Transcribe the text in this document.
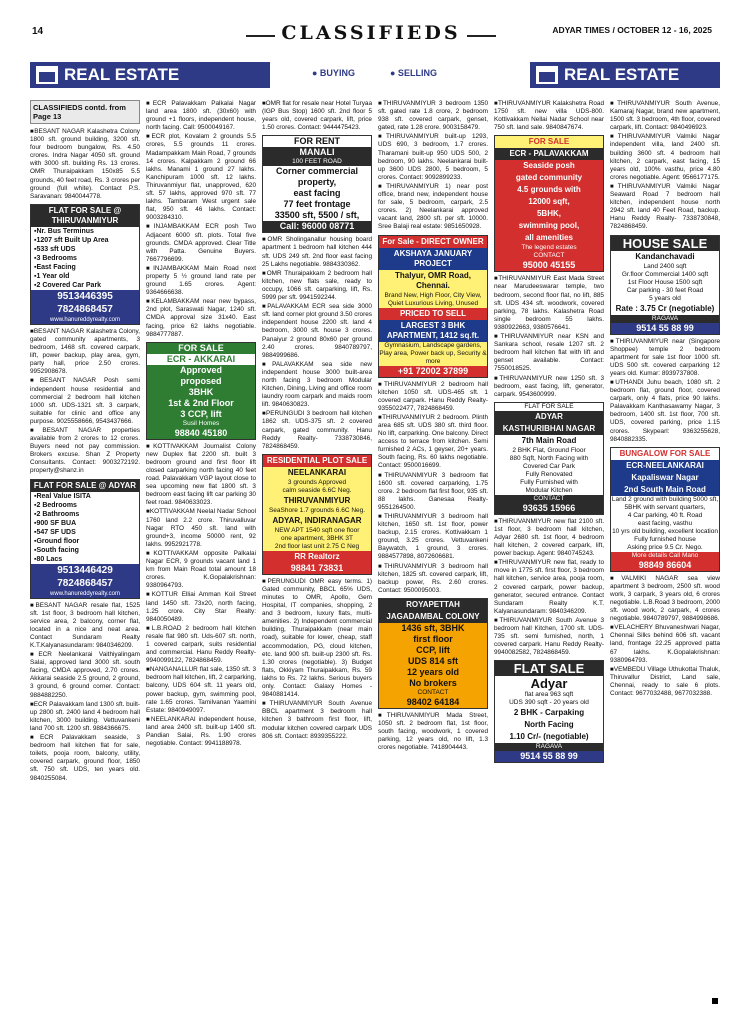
14	CLASSIFIEDS	ADYAR TIMES / OCTOBER 12 - 16, 2025
REAL ESTATE	● BUYING	● SELLING	REAL ESTATE
CLASSIFIEDS contd. from Page 13
■ BESANT NAGAR Kalashetra Colony 1800 sft. ground building, 3200 sft. four bedroom bungalow, Rs. 4.50 crores. Indra Nagar 4050 sft. ground with 3000 sft. building Rs. 13 crores. OMR Thuraipakkam 150x85 5.5 grounds, 40 feet road, Rs. 3 crores per ground (full white). Contact P.S. Saravanan: 9840044778.
FLAT FOR SALE @ THIRUVANMIYUR
▪Nr. Bus Terminus
▪1207 sft Built Up Area
▪533 sft UDS
▪3 Bedrooms
▪East Facing
▪1 Year old
▪2 Covered Car Park
9513446395 7824868457
www.hanureddyrealty.com
■ BESANT NAGAR Kalashetra Colony, gated community apartments, 3 bedroom, 1468 sft. covered carpark, lift, power backup, play area, gym, party hall, price 2.50 crores. 9952908678.
■ BESANT NAGAR Posh semi independent house residential and commercial 2 bedroom hall kitchen 1000 sft. UDS-1321 sft. 3 carpark, suitable for clinic and office any purpose. 9025558666, 9543437666.
■ BESANT NAGAR properties available from 2 crores to 12 crores. Buyers need not pay commission. Brokers excuse. Shan Z Property Consultants. Contact: 9003272192. property@shanz.in
FLAT FOR SALE @ ADYAR
▪Real Value ISITA
▪2 Bedrooms
▪2 Bathrooms
▪900 SF BUA
▪547 SF UDS
▪Ground floor
▪South facing
▪80 Lacs
9513446429 7824868457
www.hanureddyrealty.com
■ BESANT NAGAR resale flat, 1525 sft. 1st floor, 3 bedroom hall kitchen, service area, 2 balcony, corner flat, located in a nice and neat area. Contact Sundaram Realty K.T.Kalyanasundaram: 9840346209.
■ ECR Neelankarai Vaithiyalingam Salai, approved land 3000 sft. south facing, CMDA approved, 2.70 crores. Akkarai seaside 2.5 ground, 2 ground, 3 ground, 6 ground corner. Contact: 9884882250.
■ ECR Palavakkam land 1300 sft. built-up 2800 sft. 2400 land 4 bedroom hall kitchen, 3000 building. Vettuvankeni land 700 sft. 1200 sft. 9884366675.
■ ECR Palavakkam seaside, 3 bedroom hall kitchen flat for sale, toilets, pooja room, balcony, utility, covered carpark, ground floor, 1850 sft. 750 sft. UDS, ten years old. 9840255084.
■ ECR Palavakkam Palkalai Nagar land area 1800 sft. (30x60) with ground +1 floors, independent house, north facing. Call: 9500049167.
■ ECR plot, Kovalam 2 grounds 5.5 crores, 5.5 grounds 11 crores. Madampakkam Main Road, 7 grounds 14 crores. Kalpakkam 2 ground 66 lakhs. Manami 1 ground 27 lakhs. Kanchipuram 1000 sft. 12 lakhs. Thiruvanmiyur flat, unapproved, 620 sft. 57 lakhs, approved 970 sft. 77 lakhs. Tambaram West urgent sale flat, 950 sft. 46 lakhs. Contact: 9003284310.
■ INJAMBAKKAM ECR posh Two Adjacent 6000 sft. plots. Total five grounds. CMDA approved. Clear Title with Patta. Genuine Buyers. 7667796699.
■ INJAMBAKKAM Main Road next property 5 ½ ground land rate per ground 1.65 crores. Agent: 9364666638.
■ KELAMBAKKAM near new bypass, 2nd plot, Saraswati Nagar, 1240 sft. CMDA approval size 31x40. East facing, price 62 lakhs negotiable. 9884777887.
FOR SALE
ECR - AKKARAI
Approved
proposed
3BHK
1st & 2nd Floor
3 CCP, lift
Susil Homes
98840 45180
■ KOTTIVAKKAM Journalist Colony new Duplex flat 2200 sft. built 3 bedroom ground and first floor lift closed carparking north facing 40 feet road. Palavakkam VGP layout close to sea upcoming new flat 1800 sft. 3 bedroom east facing lift car parking 30 feet road. 9840633023.
■ KOTTIVAKKAM Neelal Nadar School 1760 land 2.2 crore. Thiruvalluvar Nagar RTO 450 sft. land with ground+3, income 50000 rent, 92 lakhs. 9952921778.
■ KOTTIVAKKAM opposite Palkalai Nagar ECR, 9 grounds vacant land 1 km from Main Road total amount 18 crores. K.Gopalakrishnan: 9380964793.
■ KOTTUR Elliai Amman Koil Street land 1450 sft. 73x20, north facing, 1.25 crore. City Star Realty: 9840050489.
■ L.B.ROAD 2 bedroom hall kitchen resale flat 980 sft. Uds-607 sft. north, 1 covered carpark, suits residential and commercial. Hanu Reddy Realty- 9940099122, 7824868459.
■ NANGANALLUR flat sale, 1350 sft. 3 bedroom hall kitchen, lift, 2 carparking, balcony, UDS 604 sft. 11 years old, power backup, gym, swimming pool, rate 1.65 crores. Tamilvanan Yaamini Estate: 9840949097.
■ NEELANKARAI independent house, land area 2400 sft. built-up 1400 sft. Pandian Salai, Rs. 1.90 crores negotiable. Contact: 9941188978.
■ OMR flat for resale near Hotel Turyaa (IGP Bus Stop) 1600 sft. 2nd floor 5 years old, covered carpark, lift, price 1.50 crores. Contact: 9444475423.
FOR RENT
MANALI
100 FEET ROAD
Corner commercial
property,
east facing
77 feet frontage
33500 sft, 5500 / sft,
Call: 96000 08771
■ OMR Sholinganallur housing board apartment 1 bedroom hall kitchen 444 sft. UDS 249 sft. 2nd floor east facing 25 Lakhs negotiable. 9884330362.
■ OMR Thuraipakkam 2 bedroom hall kitchen, new flats sale, ready to occupy, 1066 sft. carparking, lift, Rs. 5999 per sft. 9941592244.
■ PALAVAKKAM ECR sea side 3000 sft. land corner plot ground 3.50 crores independent house 2200 sft. land 4 bedroom, 3000 sft. house 3 crores. Panaiyur 2 ground 80x60 per ground 2.40 crores. 9840789797, 9884999686.
■ PALAVAKKAM sea side new independent house 3000 built-area north facing 3 bedroom Modular Kitchen, Dining, Living and office room laundry room carpark and maids room lift. 9840630823.
■ PERUNGUDI 3 bedroom hall kitchen 1862 sft. UDS-375 sft. 2 covered carpark, gated community. Hanu Reddy Realty- 7338730846, 7824868459.
RESIDENTIAL PLOT SALE
NEELANKARAI
3 grounds Approved
calm seaside 6.6C Neg.
THIRUVANMIYUR
SeaShore 1.7 grounds 6.6C Neg.
ADYAR, INDIRANAGAR
NEW APT 1540 sqft one floor
one apartment, 3BHK 3T
2nd floor last unit 2.75 C Neg
RR Realtorz
98841 73831
■ PERUNGUDI OMR easy terms. 1) Gated community, BBCL 65% UDS, minutes to OMR, Apollo, Gem Hospital, IT companies, shopping, 2 and 3 bedroom, luxury flats, multi-amenities. 2) Independent commercial building, Thuraipakkam (near main road), suitable for lower, cheap, staff accommodation, PG, cloud kitchen, etc. land 900 sft. built-up 2300 sft. Rs. 1.30 crores (negotiable). 3) Budget flats, Okkiyam Thuraipakkam, Rs. 59 lakhs to Rs. 72 lakhs. Serious buyers only. Contact: Galaxy Homes - 9840881414.
■ THIRUVANMIYUR South Avenue BBCL apartment 3 bedroom hall kitchen 3 bathroom first floor, lift, modular kitchen covered carpark UDS 806 sft. Contact: 8939355222.
■ THIRUVANMIYUR 3 bedroom 1350 sft. gated rate 1.8 crore, 2 bedroom 938 sft. covered carpark, genset, gated, rate 1.28 crore. 9003158479.
■ THIRUVANMIYUR built-up 1293, UDS 690, 3 bedroom, 1.7 crores. Tharamani built-up 950 UDS 500, 2 bedroom, 90 lakhs. Neelankarai built-up 3600 UDS 2800, 5 bedroom, 5 crores. Contact: 9092899233.
■ THIRUVANMIYUR 1) near post office, brand new, independent house for sale, 5 bedroom, carpark, 2.5 crores. 2) Neelankarai approved vacant land, 2800 sft. per sft. 10000. Sree Balaji real estate: 9851650928.
For Sale - DIRECT OWNER
AKSHAYA JANUARY PROJECT
Thalyur, OMR Road, Chennai.
Brand New, High Floor, City View, Quiet Luxurious Living, Unused
PRICED TO SELL
LARGEST 3 BHK APARTMENT, 1412 sq.ft.
Gymnasium, Landscape gardens, Play area, Power back up, Security & more
+91 72002 37899
■ THIRUVANMIYUR 2 bedroom hall kitchen 1050 sft. UDS-465 sft. 1 covered carpark. Hanu Reddy Realty- 9355022477, 7824868459.
■ THIRUVANMIYUR 2 bedroom. Plinth area 685 sft. UDS 380 sft. third floor. No lift, carparking. One balcony. Direct access to terrace from kitchen. Semi furnished 2 ACs, 1 geyser, 20+ years. South facing, Rs. 60 lakhs negotiable. Contact: 9500016699.
■ THIRUVANMIYUR 3 bedroom flat 1600 sft. covered carparking, 1.75 crore. 2 bedroom flat first floor, 935 sft. 88 lakhs. Ganesaa Realty- 9551264500.
■ THIRUVANMIYUR 3 bedroom hall kitchen, 1650 sft. 1st floor, power backup, 2.15 crores. Kottivakkam 1 ground, 3.25 crores. Vettuvankeni Baywatch, 1 ground, 3 crores. 9884577898, 8072606681.
■ THIRUVANMIYUR 3 bedroom hall kitchen, 1825 sft. covered carpark, lift, backup power, Rs. 2.60 crores. Contact: 9500095003.
ROYAPETTAH
JAGADAMBAL COLONY
1436 sft, 3BHK
first floor
CCP, lift
UDS 814 sft
12 years old
No brokers
CONTACT
98402 64184
■ THIRUVANMIYUR Mada Street, 1050 sft. 2 bedroom flat, 1st floor, south facing, woodwork, 1 covered parking, 12 years old, no lift, 1.3 crores negotiable. 7418904443.
■ THIRUVANMIYUR Kalakshetra Road 1750 sft. new villa UDS-800. Kottivakkam Nellai Nadar School near 750 sft. land sale. 9840847674.
FOR SALE
ECR - PALAVAKKAM
Seaside posh
gated community
4.5 grounds with
12000 sqft,
5BHK,
swimming pool,
all amenities
The legend estates
CONTACT
95000 45155
■ THIRUVANMIYUR East Mada Street near Marudeeswarar temple, two bedroom, second floor flat, no lift, 885 sft. UDS 434 sft. woodwork, covered parking, 78 lakhs. Kalashetra Road single bedroom 55 lakhs. 9380922663, 9380576641.
■ THIRUVANMIYUR near KSN and Sankara school, resale 1207 sft. 2 bedroom hall kitchen flat with lift and genset available. Contact: 7550018525.
■ THIRUVANMIYUR new 1250 sft. 3 bedroom, east facing, lift, generator, carpark. 9543600999.
FLAT FOR SALE
ADYAR
KASTHURIBHAI NAGAR
7th Main Road
2 BHK Flat, Ground Floor
880 Sqft, North Facing with
Covered Car Park
Fully Renovated
Fully Furnished with
Modular Kitchen
CONTACT
93635 15966
■ THIRUVANMIYUR new flat 2100 sft. 1st floor, 3 bedroom hall kitchen, Adyar 2680 sft. 1st floor, 4 bedroom hall kitchen, 2 covered carpark, lift, power backup. Agent: 9840745243.
■ THIRUVANMIYUR new flat, ready to move in 1775 sft. first floor, 3 bedroom hall kitchen, service area, pooja room, 2 covered carpark, power backup, generator, secured entrance. Contact Sundaram Realty K.T. Kalyanasundaram: 9840346209.
■ THIRUVANMIYUR South Avenue 3 bedroom hall Kitchen, 1700 sft. UDS-735 sft. semi furnished, north, 1 covered carpark. Hanu Reddy Realty- 9940082582, 7824868459.
FLAT SALE
Adyar
flat area 963 sqft
UDS 390 sqft - 20 years old
2 BHK - Carpaking
North Facing
1.10 Cr/- (negotiable)
RAGAVA
9514 55 88 99
■ THIRUVANMIYUR South Avenue, Kamaraj Nagar, brand new apartment, 1500 sft. 3 bedroom, 4th floor, covered carpark, lift. Contact: 9840496923.
■ THIRUVANMIYUR Valmiki Nagar independent villa, land 2400 sft. building 3600 sft. 4 bedroom hall kitchen, 2 carpark, east facing, 15 years old, 100% vasthu, price 4.80 crores negotiable. Agent: 9566177175.
■ THIRUVANMIYUR Valmiki Nagar Seaward Road 7 bedroom hall kitchen, independent house north 2942 sft. land 40 Feet Road, backup. Hanu Reddy Realty- 7338730848, 7824868459.
HOUSE SALE
Kandanchavadi
Land 2400 sqft
Gr.floor Commercial 1400 sqft
1st Floor House 1500 sqft
Car parking - 30 feet Road
5 years old
Rate : 3.75 Cr (negotiable)
RAGAVA
9514 55 88 99
■ THIRUVANMIYUR near (Singapore Shoppee) temple 2 bedroom apartment for sale 1st floor 1000 sft. UDS 500 sft. covered carparking 12 years old. Kumar: 8939737808.
■ UTHANDI Juhu beach, 1080 sft. 2 bedroom flat, ground floor, covered carpark, only 4 flats, price 90 lakhs. Palavakkam Kanthasawamy Nagar, 3 bedroom, 1400 sft. 1st floor, 700 sft. UDS, covered parking, price 1.15 crores. Skypearl: 9363255628, 9840882335.
BUNGALOW FOR SALE
ECR-NEELANKARAI
Kapaliswar Nagar
2nd South Main Road
Land 2 ground with building 5000 sft,
5BHK with servant quarters,
4 Car parking, 40 ft. Road
east facing, vasthu
10 yrs old building, excellent location
Fully furnished house
Asking price 9.5 Cr. Nego.
More details Call Mano
98849 86604
■ VALMIKI NAGAR sea view apartment 3 bedroom, 2500 sft. wood work, 3 carpark, 3 years old, 6 crores negotiable. L.B.Road 3 bedroom, 2000 sft. wood work, 2 carpark, 4 crores negotiable. 9840789797, 9884998686.
■ VELACHERY Bhuvaneshwari Nagar, Chennai Silks behind 606 sft. vacant land, frontage 22.25 approved patta 67 lakhs. K.Gopalakrishnan: 9380964793.
■ VEMBEDU Village Uthukottai Thaluk, Thiruvallur District, Land sale, Chennai, ready to sale 6 plots. Contact: 9677032488, 9677032388.
